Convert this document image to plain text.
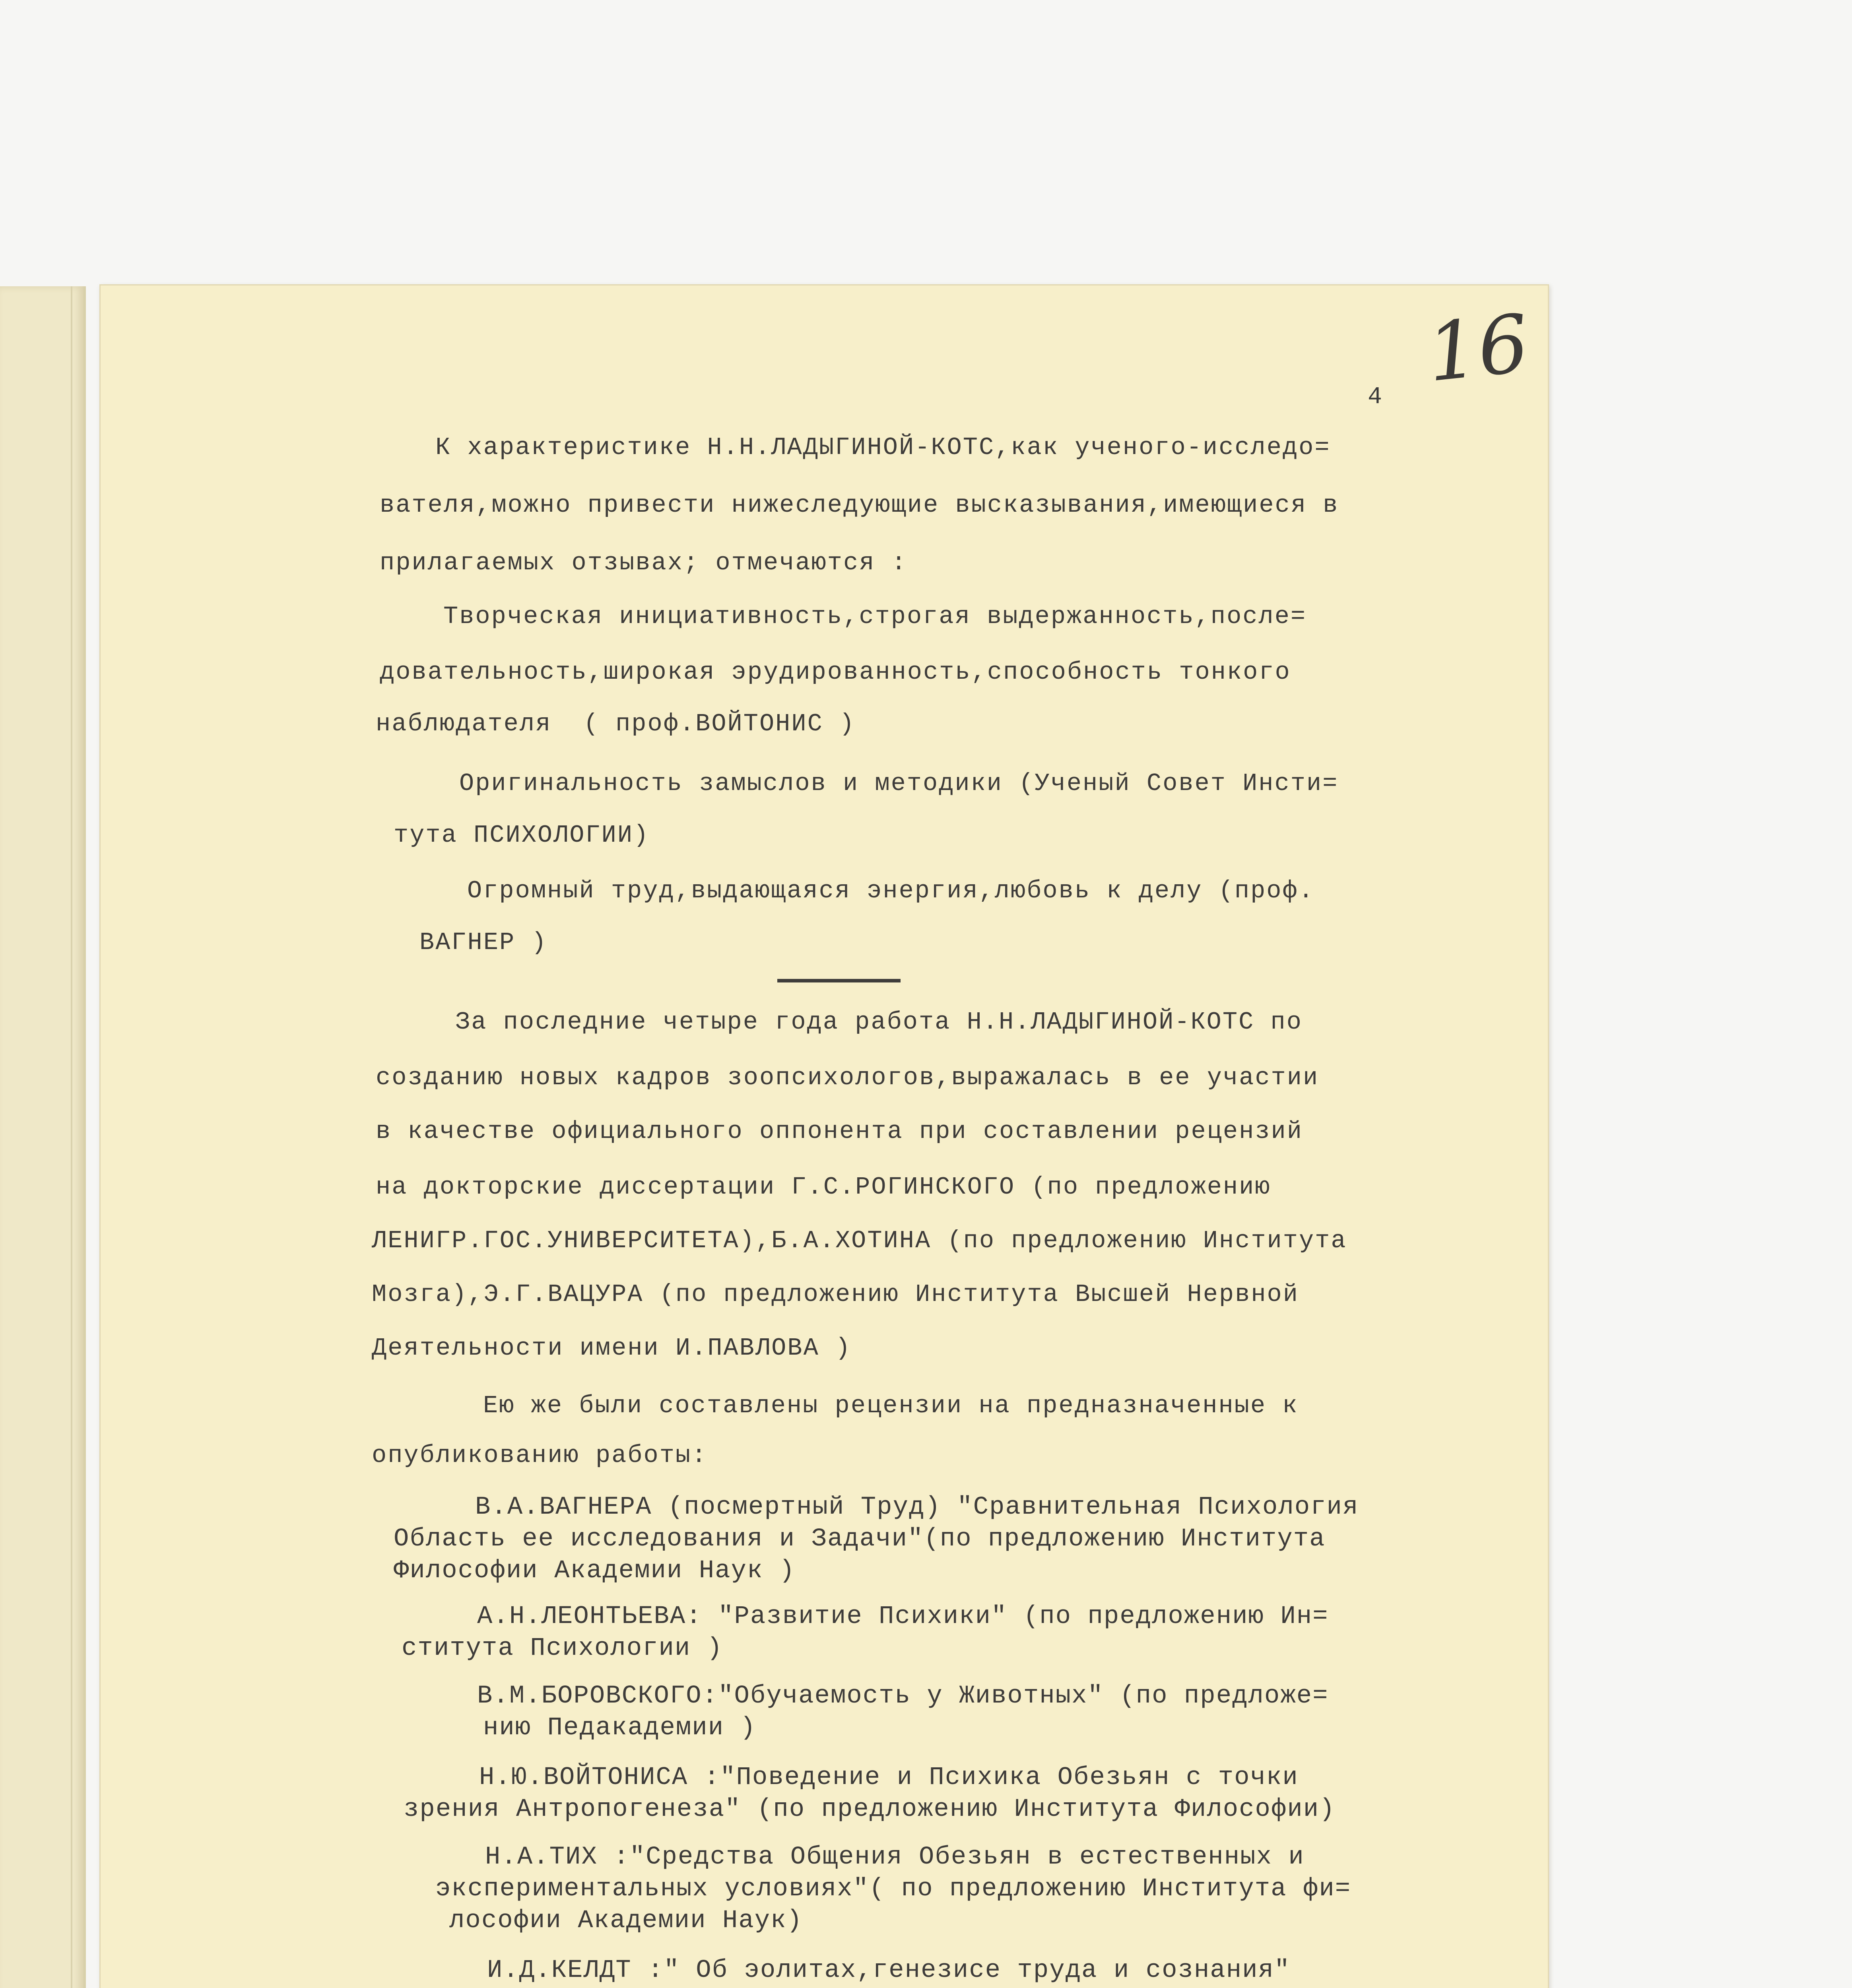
16
4
К характеристике Н.Н.ЛАДЫГИНОЙ-КОТС,как ученого-исследо=
вателя,можно привести нижеследующие высказывания,имеющиеся в
прилагаемых отзывах; отмечаются :
Творческая инициативность,строгая выдержанность,после=
довательность,широкая эрудированность,способность тонкого
наблюдателя  ( проф.ВОЙТОНИС )
Оригинальность замыслов и методики (Ученый Совет Инсти=
тута ПСИХОЛОГИИ)
Огромный труд,выдающаяся энергия,любовь к делу (проф.
ВАГНЕР )
За последние четыре года работа Н.Н.ЛАДЫГИНОЙ-КОТС по
созданию новых кадров зоопсихологов,выражалась в ее участии
в качестве официального оппонента при составлении рецензий
на докторские диссертации Г.С.РОГИНСКОГО (по предложению
ЛЕНИГР.ГОС.УНИВЕРСИТЕТА),Б.А.ХОТИНА (по предложению Института
Мозга),Э.Г.ВАЦУРА (по предложению Института Высшей Нервной
Деятельности имени И.ПАВЛОВА )
Ею же были составлены рецензии на предназначенные к
опубликованию работы:
В.А.ВАГНЕРА (посмертный Труд) "Сравнительная Психология
Область ее исследования и Задачи"(по предложению Института
Философии Академии Наук )
А.Н.ЛЕОНТЬЕВА: "Развитие Психики" (по предложению Ин=
ститута Психологии )
В.М.БОРОВСКОГО:"Обучаемость у Животных" (по предложе=
нию Педакадемии )
Н.Ю.ВОЙТОНИСА :"Поведение и Психика Обезьян с точки
зрения Антропогенеза" (по предложению Института Философии)
Н.А.ТИХ :"Средства Общения Обезьян в естественных и
экспериментальных условиях"( по предложению Института фи=
лософии Академии Наук)
И.Д.КЕЛДТ :" Об эолитах,генезисе труда и сознания"
